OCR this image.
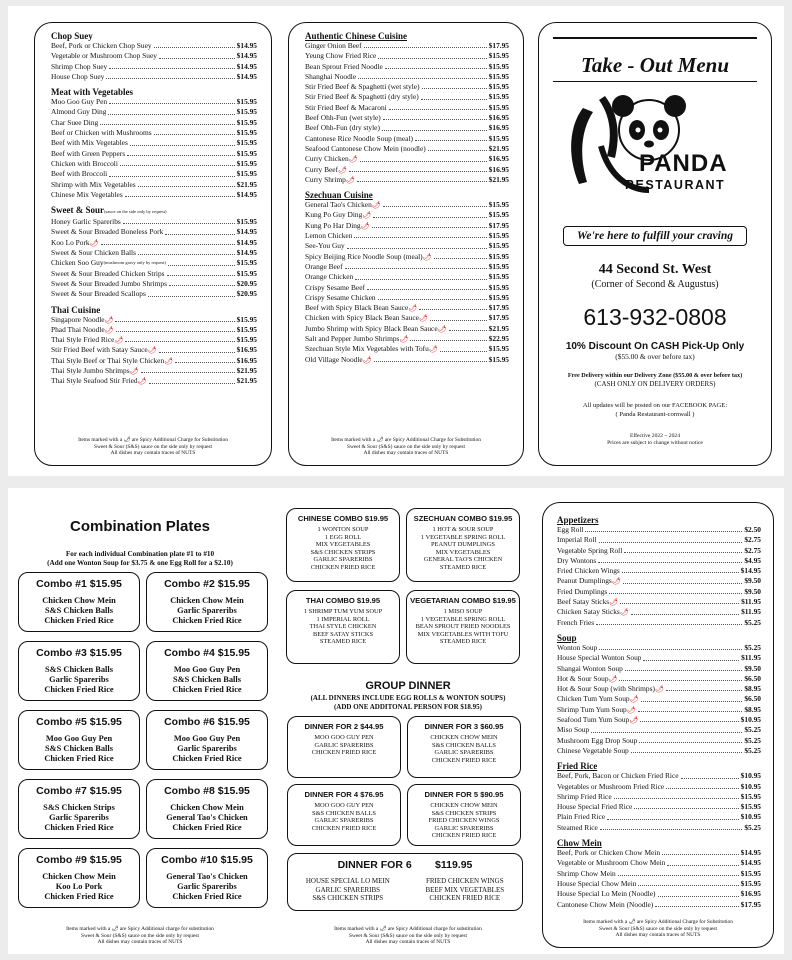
Chop Suey
Beef, Pork or Chicken Chop Suey	$14.95
Vegetable or Mushroom Chop Suey	$14.95
Shrimp Chop Suey	$14.95
House Chop Suey	$14.95
Meat with Vegetables
Moo Goo Guy Pen	$15.95
Almond Guy Ding	$15.95
Char Suee Ding	$15.95
Beef or Chicken with Mushrooms	$15.95
Beef with Mix Vegetables	$15.95
Beef with Green Peppers	$15.95
Chicken with Broccoli	$15.95
Beef with Broccoli	$15.95
Shrimp with Mix Vegetables	$21.95
Chinese Mix Vegetables	$14.95
Sweet & Sour(sauce on the side only by request)
Honey Garlic Spareribs	$15.95
Sweet & Sour Breaded Boneless Pork	$14.95
Koo Lo Pork 🌶	$14.95
Sweet & Sour Chicken Balls	$14.95
Chicken Soo Guy (mushroom gravy only by request)	$15.95
Sweet & Sour Breaded Chicken Strips	$15.95
Sweet & Sour Breaded Jumbo Shrimps	$20.95
Sweet & Sour Breaded Scallops	$20.95
Thai Cuisine
Singapore Noodle 🌶	$15.95
Phad Thai Noodle 🌶	$15.95
Thai Style Fried Rice 🌶	$15.95
Stir Fried Beef with Satay Sauce 🌶	$16.95
Thai Style Beef or Thai Style Chicken 🌶	$16.95
Thai Style Jumbo Shrimps 🌶	$21.95
Thai Style Seafood Stir Fried 🌶	$21.95
Items marked with a 🌶 are Spicy Additional Charge for Substitution
Sweet & Sour (S&S) sauce on the side only by request
All dishes may contain traces of NUTS
Authentic Chinese Cuisine
Ginger Onion Beef	$17.95
Yeung Chow Fried Rice	$15.95
Bean Sprout Fried Noodle	$15.95
Shanghai Noodle	$15.95
Stir Fried Beef & Spaghetti (wet style)	$15.95
Stir Fried Beef & Spaghetti (dry style)	$15.95
Stir Fried Beef & Macaroni	$15.95
Beef Ohh-Fun (wet style)	$16.95
Beef Ohh-Fun (dry style)	$16.95
Cantonese Rice Noodle Soup (meal)	$15.95
Seafood Cantonese Chow Mein (noodle)	$21.95
Curry Chicken 🌶	$16.95
Curry Beef 🌶	$16.95
Curry Shrimp 🌶	$21.95
Szechuan Cuisine
General Tao's Chicken 🌶	$15.95
Kung Po Guy Ding 🌶	$15.95
Kung Po Har Ding 🌶	$17.95
Lemon Chicken	$15.95
See-You Guy	$15.95
Spicy Beijing Rice Noodle Soup (meal) 🌶	$15.95
Orange Beef	$15.95
Orange Chicken	$15.95
Crispy Sesame Beef	$15.95
Crispy Sesame Chicken	$15.95
Beef with Spicy Black Bean Sauce 🌶	$17.95
Chicken with Spicy Black Bean Sauce 🌶	$17.95
Jumbo Shrimp with Spicy Black Bean Sauce 🌶	$21.95
Salt and Pepper Jumbo Shrimps 🌶	$22.95
Szechuan Style Mix Vegetables with Tofu 🌶	$15.95
Old Village Noodle 🌶	$15.95
Items marked with a 🌶 are Spicy Additional Charge for Substitution
Sweet & Sour (S&S) sauce on the side only by request
All dishes may contain traces of NUTS
Take - Out Menu
PANDA
RESTAURANT
We're here to fulfill your craving
44 Second St. West
(Corner of Second & Augustus)
613-932-0808
10% Discount On CASH Pick-Up Only
($55.00 & over before tax)
Free Delivery within our Delivery Zone ($55.00 & over before tax)
(CASH ONLY ON DELIVERY ORDERS)
All updates will be posted on our FACEBOOK PAGE:
( Panda Restaurant-cornwall )
Effective 2022 ~ 2024
Prices are subject to change without notice
Combination Plates
For each individual Combination plate #1 to #10
(Add one Wonton Soup for $3.75 & one Egg Roll for a $2.10)
Combo #1 $15.95
Chicken Chow Mein
S&S Chicken Balls
Chicken Fried Rice
Combo #2 $15.95
Chicken Chow Mein
Garlic Spareribs
Chicken Fried Rice
Combo #3 $15.95
S&S Chicken Balls
Garlic Spareribs
Chicken Fried Rice
Combo #4 $15.95
Moo Goo Guy Pen
S&S Chicken Balls
Chicken Fried Rice
Combo #5 $15.95
Moo Goo Guy Pen
S&S Chicken Balls
Chicken Fried Rice
Combo #6 $15.95
Moo Goo Guy Pen
Garlic Spareribs
Chicken Fried Rice
Combo #7 $15.95
S&S Chicken Strips
Garlic Spareribs
Chicken Fried Rice
Combo #8 $15.95
Chicken Chow Mein
General Tao's Chicken
Chicken Fried Rice
Combo #9 $15.95
Chicken Chow Mein
Koo Lo Pork
Chicken Fried Rice
Combo #10 $15.95
General Tao's Chicken
Garlic Spareribs
Chicken Fried Rice
Items marked with a 🌶 are Spicy Additional charge for substitution
Sweet & Sour (S&S) sauce on the side only by request
All dishes may contain traces of NUTS
CHINESE COMBO $19.95
1 WONTON SOUP
1 EGG ROLL
MIX VEGETABLES
S&S CHICKEN STRIPS
GARLIC SPARERIBS
CHICKEN FRIED RICE
SZECHUAN COMBO $19.95
1 HOT & SOUR SOUP
1 VEGETABLE SPRING ROLL
PEANUT DUMPLINGS
MIX VEGETABLES
GENERAL TAO'S CHICKEN
STEAMED RICE
THAI COMBO $19.95
1 SHRIMP TUM YUM SOUP
1 IMPERIAL ROLL
THAI STYLE CHICKEN
BEEF SATAY STICKS
STEAMED RICE
VEGETARIAN COMBO $19.95
1 MISO SOUP
1 VEGETABLE SPRING ROLL
BEAN SPROUT FRIED NOODLES
MIX VEGETABLES WITH TOFU
STEAMED RICE
GROUP DINNER
(ALL DINNERS INCLUDE EGG ROLLS & WONTON SOUPS)
(ADD ONE ADDITONAL PERSON FOR $18.95)
DINNER FOR 2 $44.95
MOO GOO GUY PEN
GARLIC SPARERIBS
CHICKEN FRIED RICE
DINNER FOR 3 $60.95
CHICKEN CHOW MEIN
S&S CHICKEN BALLS
GARLIC SPARERIBS
CHICKEN FRIED RICE
DINNER FOR 4 $76.95
MOO GOO GUY PEN
S&S CHICKEN BALLS
GARLIC SPARERIBS
CHICKEN FRIED RICE
DINNER FOR 5 $90.95
CHICKEN CHOW MEIN
S&S CHICKEN STRIPS
FRIED CHICKEN WINGS
GARLIC SPARERIBS
CHICKEN FRIED RICE
DINNER FOR 6        $119.95
HOUSE SPECIAL LO MEIN
GARLIC SPARERIBS
S&S CHICKEN STRIPS
FRIED CHICKEN WINGS
BEEF MIX VEGETABLES
CHICKEN FRIED RICE
Items marked with a 🌶 are Spicy Additional charge for substitution
Sweet & Sour (S&S) sauce on the side only by request
All dishes may contain traces of NUTS
Appetizers
Egg Roll	$2.50
Imperial Roll	$2.75
Vegetable Spring Roll	$2.75
Dry Wontons	$4.95
Fried Chicken Wings	$14.95
Peanut Dumplings 🌶	$9.50
Fried Dumplings	$9.50
Beef Satay Sticks 🌶	$11.95
Chicken Satay Sticks 🌶	$11.95
French Fries	$5.25
Soup
Wonton Soup	$5.25
House Special Wonton Soup	$11.95
Shangai Wonton Soup	$9.50
Hot & Sour Soup 🌶	$6.50
Hot & Sour Soup (with Shrimps) 🌶	$8.95
Chicken Tum Yum Soup 🌶	$6.50
Shrimp Tum Yum Soup 🌶	$8.95
Seafood Tum Yum Soup 🌶	$10.95
Miso Soup	$5.25
Mushroom Egg Drop Soup	$5.25
Chinese Vegetable Soup	$5.25
Fried Rice
Beef, Pork, Bacon or Chicken Fried Rice	$10.95
Vegetables or Mushroom Fried Rice	$10.95
Shrimp Fried Rice	$15.95
House Special Fried Rice	$15.95
Plain Fried Rice	$10.95
Steamed Rice	$5.25
Chow Mein
Beef, Pork or Chicken Chow Mein	$14.95
Vegetable or Mushroom Chow Mein	$14.95
Shrimp Chow Mein	$15.95
House Special Chow Mein	$15.95
House Special Lo Mein (Noodle)	$16.95
Cantonese Chow Mein (Noodle)	$17.95
Items marked with a 🌶 are Spicy Additional Charge for Substitution
Sweet & Sour (S&S) sauce on the side only by request
All dishes may contain traces of NUTS
